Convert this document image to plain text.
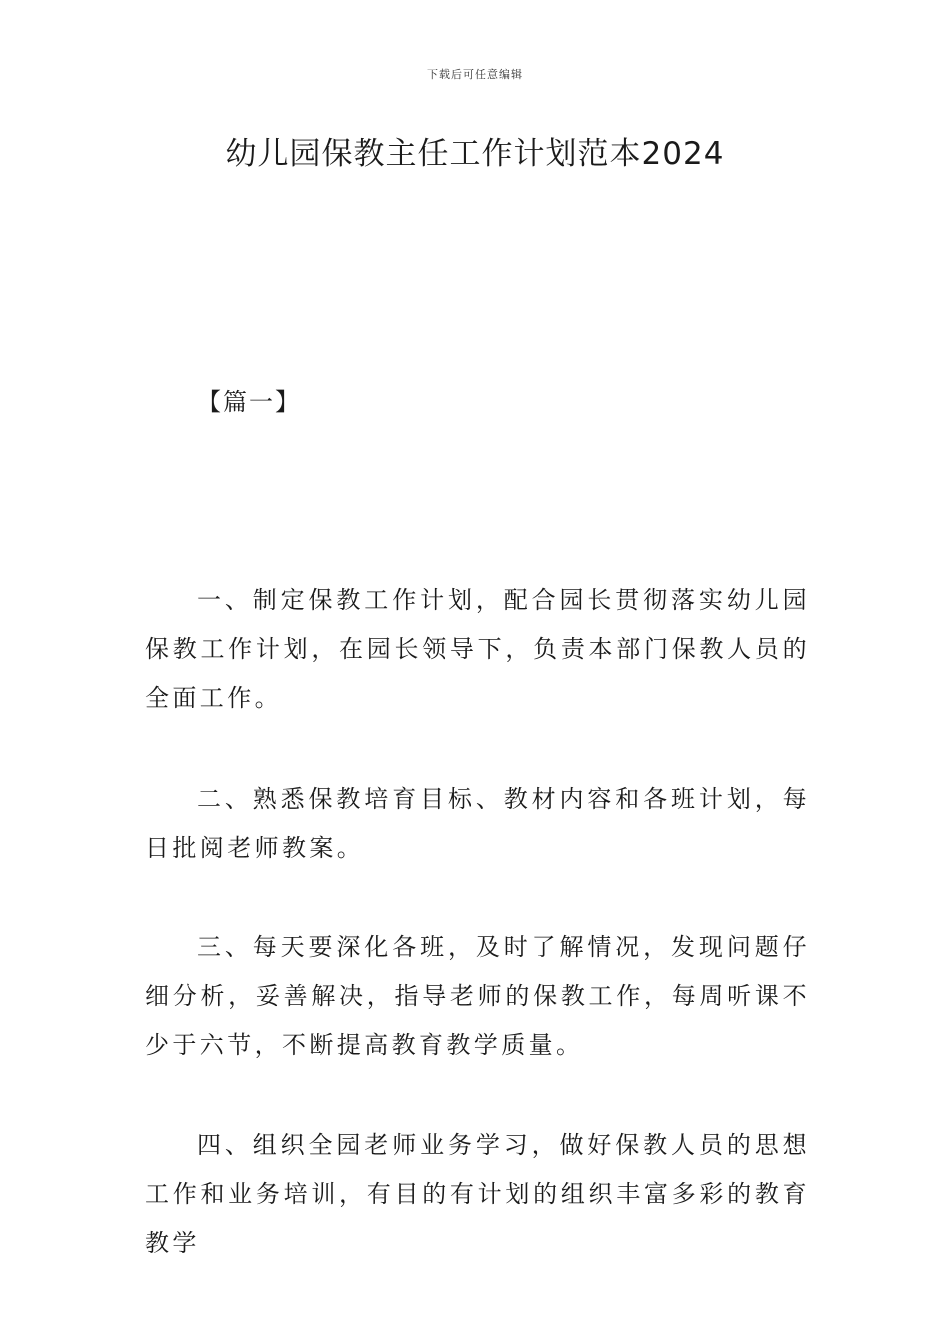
下载后可任意编辑
幼儿园保教主任工作计划范本2024
【篇一】

一、制定保教工作计划，配合园长贯彻落实幼儿园保教工作计划，在园长领导下，负责本部门保教人员的全面工作。

二、熟悉保教培育目标、教材内容和各班计划，每日批阅老师教案。

三、每天要深化各班，及时了解情况，发现问题仔细分析，妥善解决，指导老师的保教工作，每周听课不少于六节，不断提高教育教学质量。

四、组织全园老师业务学习，做好保教人员的思想工作和业务培训，有目的有计划的组织丰富多彩的教育教学
